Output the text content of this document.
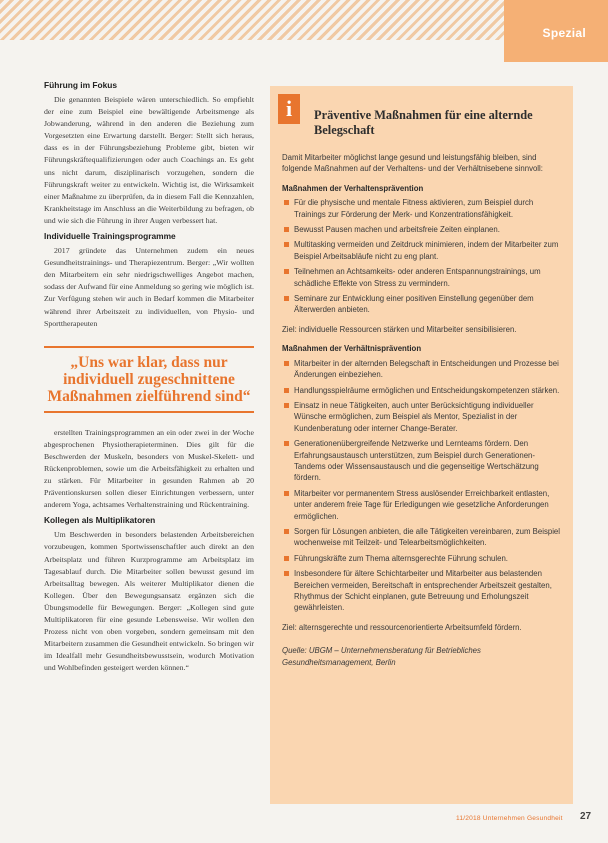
Spezial
Führung im Fokus
Die genannten Beispiele wären unterschiedlich. So empfiehlt der eine zum Beispiel eine bewältigende Arbeitsmenge als Jobwanderung, während in den anderen die Beziehung zum Vorgesetzten eine Erwartung darstellt. Berger: Stellt sich heraus, dass es in der Führungsbeziehung Probleme gibt, bieten wir Führungskräftequalifizierungen oder auch Coachings an. Es geht uns nicht darum, disziplinarisch vorzugehen, sondern die Führungskraft weiter zu entwickeln. Wichtig ist, die Wirksamkeit einer Maßnahme zu überprüfen, da in diesem Fall die Kennzahlen, Krankheitstage im Anschluss an die Weiterbildung zu befragen, ob und wie sich die Führung in ihrer Augen verbessert hat.
Individuelle Trainingsprogramme
2017 gründete das Unternehmen zudem ein neues Gesundheitstrainings- und Therapiezentrum. Berger: „Wir wollten den Mitarbeitern ein sehr niedrigschwelliges Angebot machen, sodass der Aufwand für eine Anmeldung so gering wie möglich ist. Zur Verfügung stehen wir auch in Bedarf kommen die Mitarbeiter während ihrer Arbeitszeit zu individuellen, von Physio- und Sporttherapeuten
„Uns war klar, dass nur individuell zugeschnittene Maßnahmen zielführend sind“
erstellten Trainingsprogrammen an ein oder zwei in der Woche abgesprochenen Physiotherapieterminen. Dies gilt für die Beschwerden der Muskeln, besonders von Muskel-Skelett- und Rückenproblemen, sowie um die Arbeitsfähigkeit zu erhalten und zu stärken. Für Mitarbeiter in gesunden Rahmen ab 20 Präventionskursen sollen dieser Einrichtungen verbessern, unter anderem Yoga, achtsames Verhaltenstraining und Rückentraining.
Kollegen als Multiplikatoren
Um Beschwerden in besonders belastenden Arbeitsbereichen vorzubeugen, kommen Sportwissenschaftler auch direkt an den Arbeitsplatz und führen Kurzprogramme am Arbeitsplatz im Tagesablauf durch. Die Mitarbeiter sollen bewusst gesund im Arbeitsalltag bewegen. Als weiterer Multiplikator dienen die Kollegen. Über den Bewegungsansatz ergänzen sich die Übungsmodelle für Bewegungen. Berger: „Kollegen sind gute Multiplikatoren für eine gesunde Lebensweise. Wir wollen den Prozess nicht von oben vorgeben, sondern gemeinsam mit den Mitarbeitern zusammen die Gesundheit entwickeln. So bringen wir im Idealfall mehr Gesundheitsbewusstsein, wodurch Motivation und Wohlbefinden gesteigert werden können.“
i	Präventive Maßnahmen für eine alternde Belegschaft
Damit Mitarbeiter möglichst lange gesund und leistungsfähig bleiben, sind folgende Maßnahmen auf der Verhaltens- und der Verhältnisebene sinnvoll:
Maßnahmen der Verhaltensprävention
Für die physische und mentale Fitness aktivieren, zum Beispiel durch Trainings zur Förderung der Merk- und Konzentrationsfähigkeit.
Bewusst Pausen machen und arbeitsfreie Zeiten einplanen.
Multitasking vermeiden und Zeitdruck minimieren, indem der Mitarbeiter zum Beispiel Arbeitsabläufe nicht zu eng plant.
Teilnehmen an Achtsamkeits- oder anderen Entspannungstrainings, um schädliche Effekte von Stress zu vermindern.
Seminare zur Entwicklung einer positiven Einstellung gegenüber dem Älterwerden anbieten.
Ziel: individuelle Ressourcen stärken und Mitarbeiter sensibilisieren.
Maßnahmen der Verhältnisprävention
Mitarbeiter in der alternden Belegschaft in Entscheidungen und Prozesse bei Änderungen einbeziehen.
Handlungsspielräume ermöglichen und Entscheidungskompetenzen stärken.
Einsatz in neue Tätigkeiten, auch unter Berücksichtigung individueller Wünsche ermöglichen, zum Beispiel als Mentor, Spezialist in der Kundenberatung oder interner Change-Berater.
Generationenübergreifende Netzwerke und Lernteams fördern. Den Erfahrungsaustausch unterstützen, zum Beispiel durch Generationen-Tandems oder Wissensaustausch und die gegenseitige Wertschätzung fördern.
Mitarbeiter vor permanentem Stress auslösender Erreichbarkeit entlasten, unter anderem freie Tage für Erledigungen wie gesetzliche Anforderungen ermöglichen.
Sorgen für Lösungen anbieten, die alle Tätigkeiten vereinbaren, zum Beispiel wochenweise mit Teilzeit- und Telearbeitsmöglichkeiten.
Führungskräfte zum Thema alternsgerechte Führung schulen.
Insbesondere für ältere Schichtarbeiter und Mitarbeiter aus belastenden Bereichen vermeiden, Bereitschaft in entsprechender Arbeitszeit gestalten, Rhythmus der Schicht einplanen, gute Betreuung und Erholungszeit gewährleisten.
Ziel: alternsgerechte und ressourcenorientierte Arbeitsumfeld fördern.
Quelle: UBGM – Unternehmensberatung für Betriebliches Gesundheitsmanagement, Berlin
11/2018 Unternehmen Gesundheit 27
